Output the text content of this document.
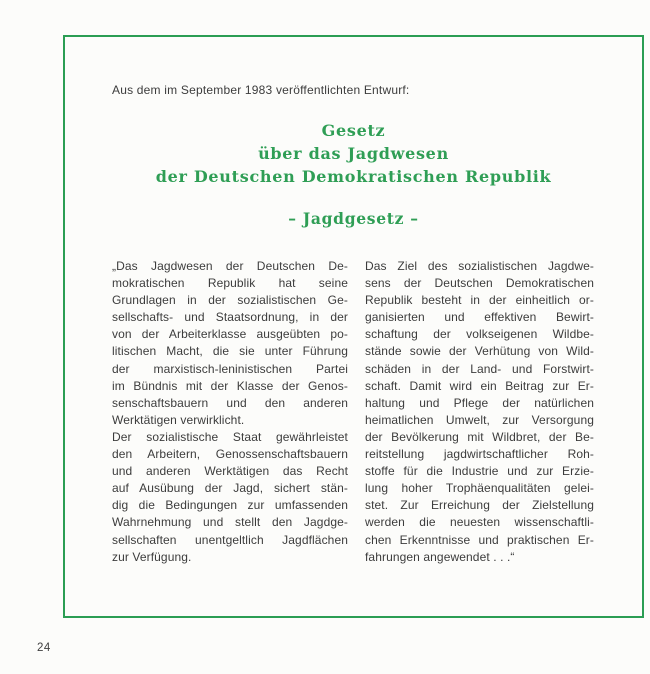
Aus dem im September 1983 veröffentlichten Entwurf:
Gesetz
über das Jagdwesen
der Deutschen Demokratischen Republik
– Jagdgesetz –
„Das Jagdwesen der Deutschen De-
mokratischen Republik hat seine
Grundlagen in der sozialistischen Ge-
sellschafts- und Staatsordnung, in der
von der Arbeiterklasse ausgeübten po-
litischen Macht, die sie unter Führung
der marxistisch-leninistischen Partei
im Bündnis mit der Klasse der Genos-
senschaftsbauern und den anderen
Werktätigen verwirklicht.
Der sozialistische Staat gewährleistet
den Arbeitern, Genossenschaftsbauern
und anderen Werktätigen das Recht
auf Ausübung der Jagd, sichert stän-
dig die Bedingungen zur umfassenden
Wahrnehmung und stellt den Jagdge-
sellschaften unentgeltlich Jagdflächen
zur Verfügung.
Das Ziel des sozialistischen Jagdwe-
sens der Deutschen Demokratischen
Republik besteht in der einheitlich or-
ganisierten und effektiven Bewirt-
schaftung der volkseigenen Wildbe-
stände sowie der Verhütung von Wild-
schäden in der Land- und Forstwirt-
schaft. Damit wird ein Beitrag zur Er-
haltung und Pflege der natürlichen
heimatlichen Umwelt, zur Versorgung
der Bevölkerung mit Wildbret, der Be-
reitstellung jagdwirtschaftlicher Roh-
stoffe für die Industrie und zur Erzie-
lung hoher Trophäenqualitäten gelei-
stet. Zur Erreichung der Zielstellung
werden die neuesten wissenschaftli-
chen Erkenntnisse und praktischen Er-
fahrungen angewendet . . .“
24
